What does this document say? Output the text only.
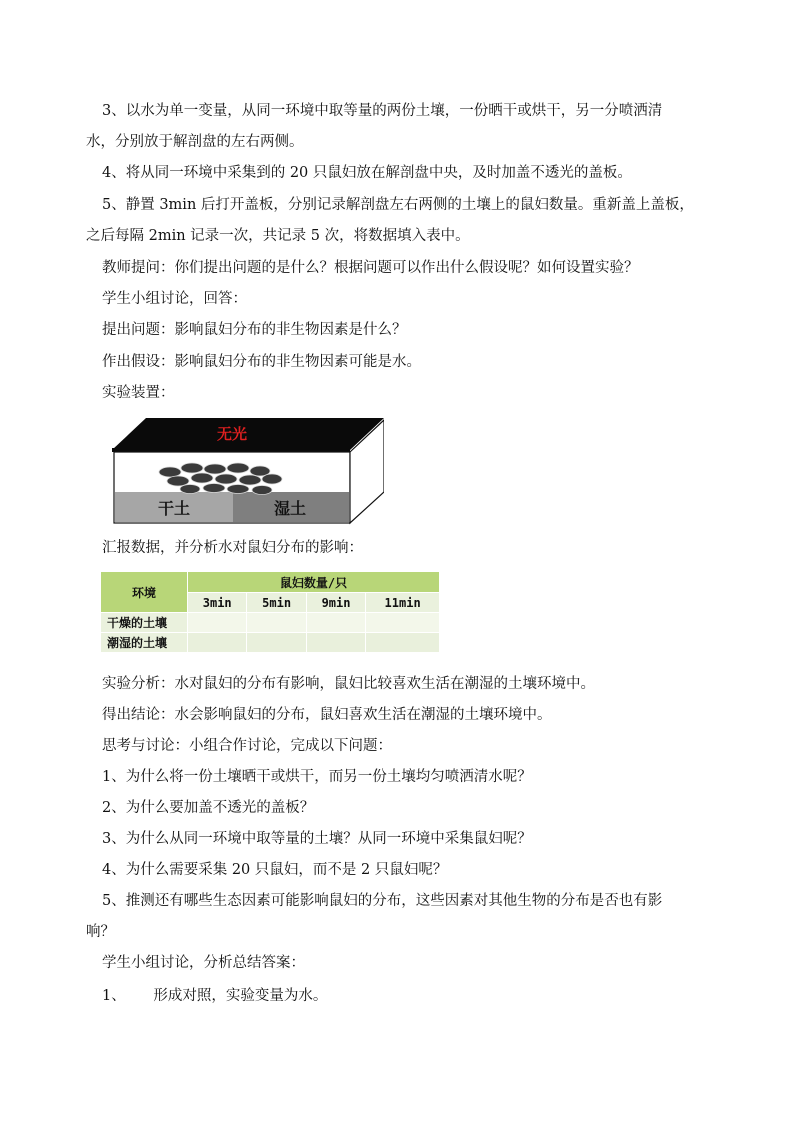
3、以水为单一变量，从同一环境中取等量的两份土壤，一份晒干或烘干，另一分喷洒清
水，分别放于解剖盘的左右两侧。
4、将从同一环境中采集到的 20 只鼠妇放在解剖盘中央，及时加盖不透光的盖板。
5、静置 3min 后打开盖板，分别记录解剖盘左右两侧的土壤上的鼠妇数量。重新盖上盖板，
之后每隔 2min 记录一次，共记录 5 次，将数据填入表中。
教师提问：你们提出问题的是什么？根据问题可以作出什么假设呢？如何设置实验？
学生小组讨论，回答：
提出问题：影响鼠妇分布的非生物因素是什么？
作出假设：影响鼠妇分布的非生物因素可能是水。
实验装置：
无光
干土	湿土
汇报数据，并分析水对鼠妇分布的影响：
环境	鼠妇数量/只			
	3min	5min	9min	11min
干燥的土壤				
潮湿的土壤				
实验分析：水对鼠妇的分布有影响，鼠妇比较喜欢生活在潮湿的土壤环境中。
得出结论：水会影响鼠妇的分布，鼠妇喜欢生活在潮湿的土壤环境中。
思考与讨论：小组合作讨论，完成以下问题：
1、为什么将一份土壤晒干或烘干，而另一份土壤均匀喷洒清水呢？
2、为什么要加盖不透光的盖板？
3、为什么从同一环境中取等量的土壤？从同一环境中采集鼠妇呢？
4、为什么需要采集 20 只鼠妇，而不是 2 只鼠妇呢？
5、推测还有哪些生态因素可能影响鼠妇的分布，这些因素对其他生物的分布是否也有影
响？
学生小组讨论，分析总结答案：
1、      形成对照，实验变量为水。
